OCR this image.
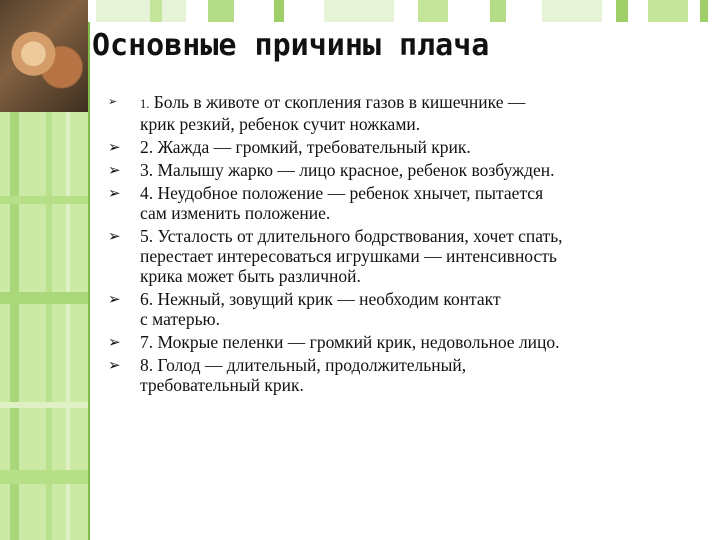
Основные причины плача
➢	1. Боль в животе от скопления газов в кишечнике —
крик резкий, ребенок сучит ножками.
➢	2. Жажда — громкий, требовательный крик.
➢	3. Малышу жарко — лицо красное, ребенок возбужден.
➢	4. Неудобное положение — ребенок хнычет, пытается
сам изменить положение.
➢	5. Усталость от длительного бодрствования, хочет спать,
перестает интересоваться игрушками — интенсивность
крика может быть различной.
➢	6. Нежный, зовущий крик — необходим контакт
с матерью.
➢	7. Мокрые пеленки — громкий крик, недовольное лицо.
➢	8. Голод — длительный, продолжительный,
требовательный крик.
